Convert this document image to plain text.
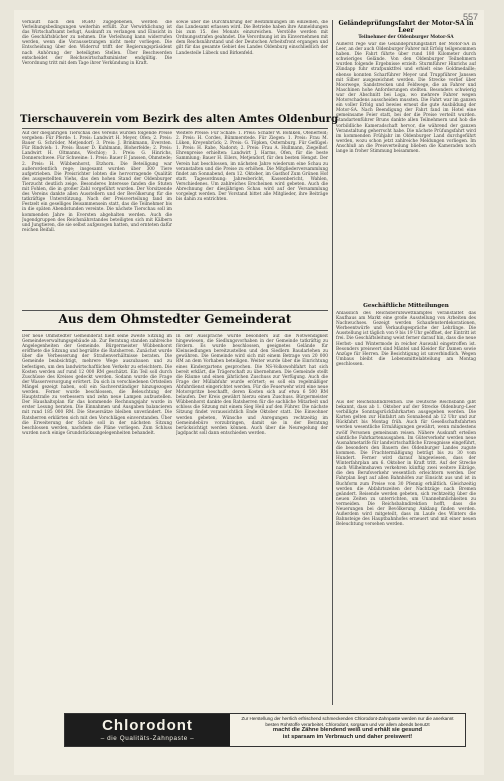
557

verkauft nach den RGBO zugegebenen, werden die Verleihungsbedingungen weiterhin erfüllt. Zur Verwirklichung ist das Wirtschaftsamt befugt, Auskunft zu verlangen und Einsicht in die Geschäftsbücher zu nehmen. Die Verleihung kann widerrufen werden, wenn die Voraussetzungen nicht mehr vorliegen. Die Entscheidung über den Widerruf trifft der Regierungspräsident nach Anhörung der beteiligten Stellen. Über Beschwerden entscheidet der Reichswirtschaftsminister endgültig. Die Verordnung tritt mit dem Tage ihrer Verkündung in Kraft.

sowie über die Durchführung der Bestimmungen im einzelnen, die das Landesamt erlassen wird. Die Betriebe haben ihre Anmeldungen bis zum 15. des Monats einzureichen. Verstöße werden mit Ordnungsstrafen geahndet. Die Verordnung ist im Einvernehmen mit dem Reichsnährstand und der Deutschen Arbeitsfront ergangen und gilt für das gesamte Gebiet des Landes Oldenburg einschließlich der Landesteile Lübeck und Birkenfeld.

Tierschauverein vom Bezirk des alten Amtes Oldenburg

Auf der diesjährigen Tierschau des Vereins wurden folgende Preise vergeben: Für Pferde: 1. Preis: Landwirt H. Meyer, Ofen; 2. Preis: Bauer G. Schröder, Metjendorf; 3. Preis: J. Brinkmann, Eversten. Für Rindvieh: 1. Preis: Bauer D. Kuhlmann, Bloherfelde; 2. Preis: Landwirt H. Oltmanns, Wechloy; 3. Preis: G. Hinrichs, Donnerschwee. Für Schweine: 1. Preis: Bauer F. Janssen, Ohmstede; 2. Preis: H. Wübbenhorst, Etzhorn. Die Beteiligung war außerordentlich rege; insgesamt wurden über 300 Tiere aufgetrieben. Die Preisrichter lobten die hervorragende Qualität des ausgestellten Viehs, das den hohen Stand der Oldenburger Tierzucht deutlich zeige. Besonderes Interesse fanden die Stuten mit Fohlen, die in großer Zahl vorgeführt wurden. Der Vorsitzende des Vereins dankte allen Ausstellern und der Bevölkerung für die tatkräftige Unterstützung. Nach der Preisverteilung fand im Festzelt ein geselliges Beisammensein statt, das die Teilnehmer bis in die späten Abendstunden vereinte. Die nächste Tierschau soll im kommenden Jahre in Eversten abgehalten werden. Auch die Jugendgruppen des Reichsnährstandes beteiligten sich mit Kälbern und Jungtieren, die sie selbst aufgezogen hatten, und ernteten dafür reichen Beifall.

Weitere Preise: Für Schafe: 1. Preis: Schäfer W. Bohlken, Ofenerfeld; 2. Preis: H. Cordes, Bümmerstede. Für Ziegen: 1. Preis: Frau M. Lüken, Kreyenbrück; 2. Preis: G. Töpken, Osternburg. Für Geflügel: 1. Preis: H. Rabe, Nadorst; 2. Preis: Frau A. Hullmann, Ziegelhof. Ehrenpreise erhielten: Landwirt J. Harms, Ofen, für die beste Sammlung; Bauer H. Eilers, Metjendorf, für den besten Hengst. Der Verein hat beschlossen, im nächsten Jahre wiederum eine Schau zu veranstalten und die Preise zu erhöhen. Die Mitgliederversammlung findet am Sonnabend, dem 12. Oktober, im Gasthof Zum Grünen Hof statt. Tagesordnung: Jahresbericht, Kassenbericht, Wahlen, Verschiedenes. Um zahlreiches Erscheinen wird gebeten. Auch die Abrechnung der diesjährigen Schau wird auf der Versammlung vorgelegt werden. Der Vorstand bittet alle Mitglieder, ihre Beiträge bis dahin zu entrichten.

Aus dem Ohmstedter Gemeinderat

Der neue Ohmstedter Gemeinderat hielt seine zweite Sitzung im Gemeindeverwaltungsgebäude ab. Zur Beratung standen zahlreiche Angelegenheiten der Gemeinde. Bürgermeister Wübbenhorst eröffnete die Sitzung und begrüßte die Ratsherren. Zunächst wurde über die Verbesserung der Straßenverhältnisse beraten. Die Gemeinde beabsichtigt, mehrere Wege auszubauen und zu befestigen, um den landwirtschaftlichen Verkehr zu erleichtern. Die Kosten werden auf rund 12 000 RM geschätzt. Ein Teil soll durch Zuschüsse des Kreises gedeckt werden. Sodann wurde die Frage der Wasserversorgung erörtert. Da sich in verschiedenen Ortsteilen Mängel gezeigt haben, soll ein Sachverständiger hinzugezogen werden. Ferner wurde beschlossen, die Beleuchtung der Hauptstraße zu verbessern und zehn neue Lampen aufzustellen. Der Haushaltsplan für das kommende Rechnungsjahr wurde in erster Lesung beraten. Die Einnahmen und Ausgaben balancieren mit rund 185 000 RM. Die Steuersätze bleiben unverändert. Die Ratsherren erklärten sich mit den Vorschlägen einverstanden. Über die Erweiterung der Schule soll in der nächsten Sitzung beschlossen werden, nachdem die Pläne vorliegen. Zum Schluss wurden noch einige Grundstücksangelegenheiten behandelt.

In der Aussprache wurde besonders auf die Notwendigkeit hingewiesen, die Siedlungsvorhaben in der Gemeinde tatkräftig zu fördern. Es wurde beschlossen, geeignetes Gelände für Kleinsiedlungen bereitzustellen und den Siedlern Baudarlehen zu gewähren. Die Gemeinde wird sich mit einem Betrage von 20 000 RM an dem Vorhaben beteiligen. Weiter wurde über die Einrichtung eines Kindergartens gesprochen. Die NS-Volkswohlfahrt hat sich bereit erklärt, die Trägerschaft zu übernehmen. Die Gemeinde stellt die Räume und einen jährlichen Zuschuss zur Verfügung. Auch die Frage der Müllabfuhr wurde erörtert; es soll ein regelmäßiger Abfuhrdienst eingerichtet werden. Für die Feuerwehr wird eine neue Motorspritze beschafft, deren Kosten sich auf etwa 6 500 RM belaufen. Der Kreis gewährt hierzu einen Zuschuss. Bürgermeister Wübbenhorst dankte den Ratsherren für die sachliche Mitarbeit und schloss die Sitzung mit einem Sieg Heil auf den Führer. Die nächste Sitzung findet voraussichtlich Ende Oktober statt. Die Einwohner werden gebeten, Wünsche und Anregungen rechtzeitig im Gemeindebüro vorzubringen, damit sie in der Beratung berücksichtigt werden können. Auch über die Neuregelung der Jagdpacht soll dann entschieden werden.

Geländeprüfungsfahrt der Motor-SA in Leer

Teilnehmer der Oldenburger Motor-SA

Außerst rege war die Geländeprüfungsfahrt der Motor-SA in Leer, an der auch Oldenburger Fahrer mit Erfolg teilgenommen haben. Die Fahrt führte über rund 180 Kilometer durch schwieriges Gelände. Von den Oldenburger Teilnehmern wurden folgende Ergebnisse erzielt: Sturmführer Hinrichs auf Zündapp fuhr strafpunktfrei und erhielt eine Goldmedaille; ebenso konnten Scharführer Meyer und Truppführer Janssen mit Silber ausgezeichnet werden. Die Strecke verlief über Moorwege, Sandstrecken und Feldwege, die an Fahrer und Maschinen hohe Anforderungen stellten. Besonders schwierig war der Abschnitt bei Loga, wo mehrere Fahrer wegen Motorschadens ausscheiden mussten. Die Fahrt war im ganzen ein voller Erfolg und bewies erneut die gute Ausbildung der Motor-SA. Nach Beendigung der Fahrt fand im Hotel eine gemeinsame Feier statt, bei der die Preise verteilt wurden. Standartenführer Bruns dankte allen Teilnehmern und hob die vorbildliche Kameradschaft hervor, die während der ganzen Veranstaltung geherrscht habe. Die nächste Prüfungsfahrt wird im kommenden Frühjahr im Oldenburger Land durchgeführt werden, wozu schon jetzt zahlreiche Meldungen vorliegen. Im Anschluß an die Preisverteilung blieben die Kameraden noch lange in froher Stimmung beisammen.

Geschäftliche Mitteilungen

Anlässlich des Reichsberufswettkampfes veranstaltet das Kaufhaus am Markt eine große Ausstellung von Arbeiten des Nachwuchses. Gezeigt werden Schaufensterdekorationen, Werbeentwürfe und Verkaufsgespräche der Lehrlinge. Die Ausstellung ist täglich von 9 bis 19 Uhr geöffnet, der Eintritt ist frei. Die Geschäftsleitung weist ferner darauf hin, dass die neue Herbst- und Wintermode in reicher Auswahl eingetroffen ist. Besonders preiswert sind Mäntel und Kleider für Damen sowie Anzüge für Herren. Die Besichtigung ist unverbindlich. Wegen Umbaus bleibt die Lebensmittelabteilung am Montag geschlossen.

Aus der Reichsbahndirektion. Die Deutsche Reichsbahn gibt bekannt, dass ab 1. Oktober auf der Strecke Oldenburg–Leer verbilligte Sonntagsrückfahrkarten ausgegeben werden. Die Karten gelten zur Hinfahrt am Sonnabend ab 12 Uhr und zur Rückfahrt bis Montag früh. Auch für Gesellschaftsfahrten werden wesentliche Ermäßigungen gewährt, wenn mindestens zwölf Personen gemeinsam reisen. Nähere Auskunft erteilen sämtliche Fahrkartenausgaben. Im Güterverkehr werden neue Ausnahmetarife für landwirtschaftliche Erzeugnisse eingeführt, die besonders den Bauern des Oldenburger Landes zugute kommen. Die Frachtermäßigung beträgt bis zu 30 vom Hundert. Ferner wird darauf hingewiesen, dass der Winterfahrplan am 6. Oktober in Kraft tritt. Auf der Strecke nach Wilhelmshaven verkehren künftig zwei weitere Eilzüge, die den Berufsverkehr wesentlich erleichtern werden. Der Fahrplan liegt auf allen Bahnhöfen zur Einsicht aus und ist in Buchform zum Preise von 30 Pfennig erhältlich. Gleichzeitig werden die Abfahrtszeiten der Nachtzüge nach Bremen geändert. Reisende werden gebeten, sich rechtzeitig über die neuen Zeiten zu unterrichten, um Unannehmlichkeiten zu vermeiden. Die Reichsbahndirektion hofft, dass die Neuerungen bei der Bevölkerung Anklang finden werden. Außerdem wird mitgeteilt, dass im Laufe des Winters die Bahnsteige des Hauptbahnhofes erneuert und mit einer neuen Beleuchtung versehen werden.

Chlorodont
– die Qualitäts-Zahnpaste –
Zur Herstellung der herrlich erfrischend schmeckenden Chlorodont-Zahnpaste werden nur die anerkannt besten Rohstoffe verarbeitet. Chlorodont, sorgsam und vor allem abends benutzt
macht die Zähne blendend weiß und erhält sie gesund
ist sparsam im Verbrauch und daher preiswert!
